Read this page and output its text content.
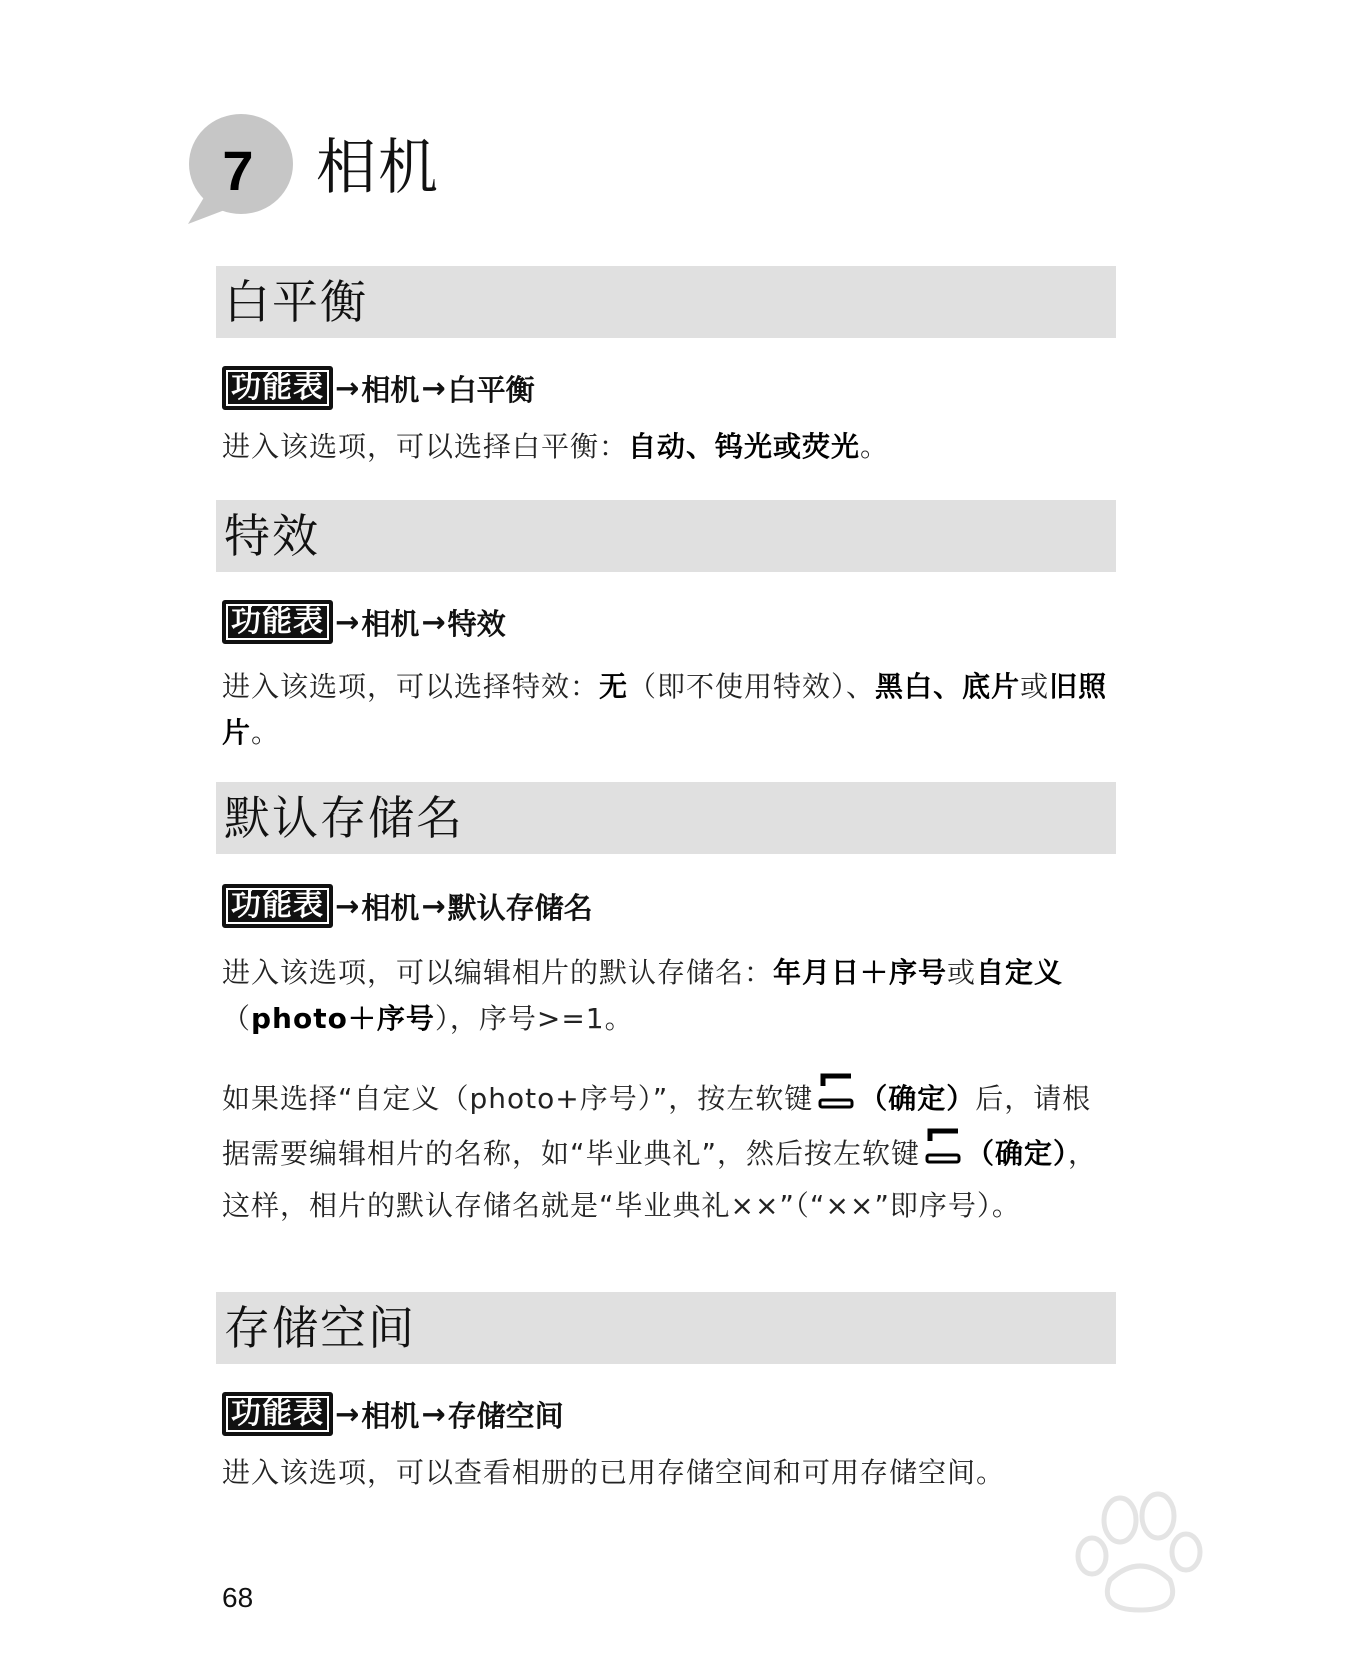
7	相机
白平衡
功能表 → 相机 → 白平衡

进入该选项，可以选择白平衡：自动、钨光或荧光。

特效
功能表 → 相机 → 特效

进入该选项，可以选择特效：无（即不使用特效）、黑白、底片或旧照片。

默认存储名
功能表 → 相机 → 默认存储名

进入该选项，可以编辑相片的默认存储名：年月日＋序号或自定义（photo＋序号），序号>=1。

如果选择“自定义（photo+序号）”，按左软键 （确定）后，请根据需要编辑相片的名称，如“毕业典礼”，然后按左软键 （确定），这样，相片的默认存储名就是“毕业典礼××”（“××”即序号）。

存储空间
功能表 → 相机 → 存储空间

进入该选项，可以查看相册的已用存储空间和可用存储空间。

68
